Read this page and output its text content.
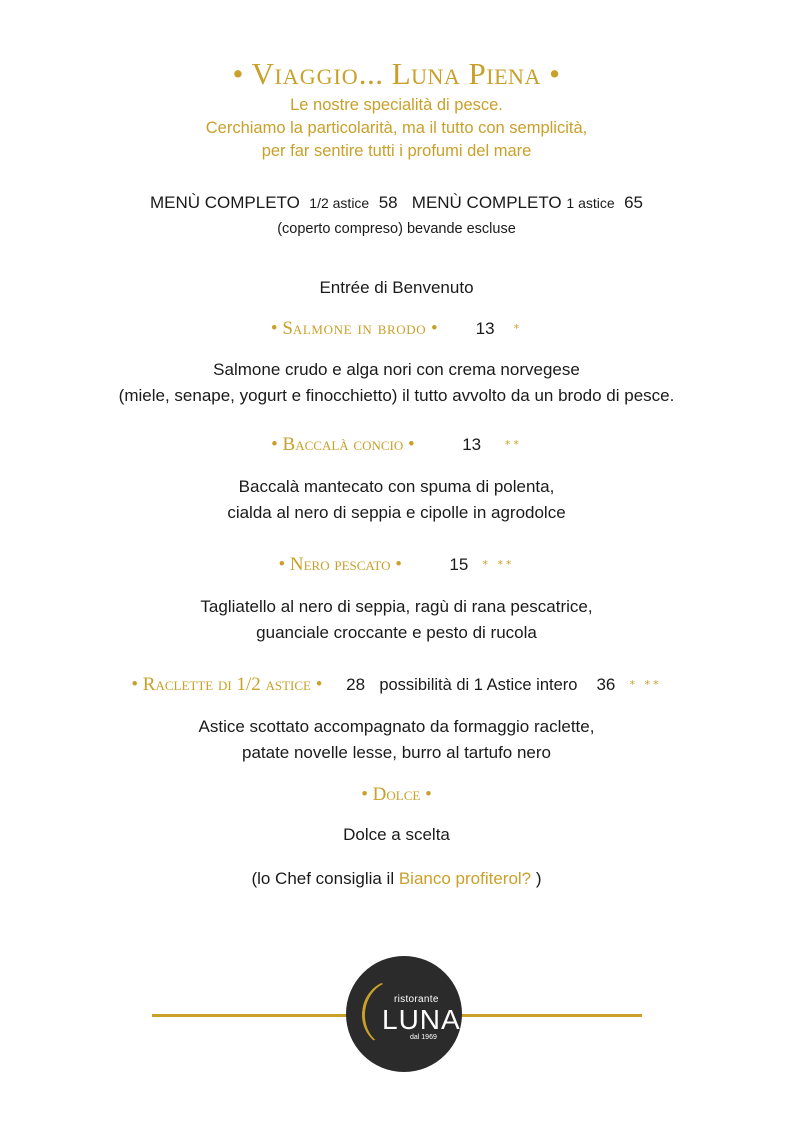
• Viaggio... Luna Piena •
Le nostre specialità di pesce.
Cerchiamo la particolarità, ma il tutto con semplicità,
per far sentire tutti i profumi del mare
MENÙ COMPLETO 1/2 astice 58 MENÙ COMPLETO 1 astice 65
(coperto compreso) bevande escluse
Entrée di Benvenuto
• Salmone in brodo •        13 *
Salmone crudo e alga nori con crema norvegese
(miele, senape, yogurt e finocchietto) il tutto avvolto da un brodo di pesce.
• Baccalà concio •          13 **
Baccalà mantecato con spuma di polenta,
cialda al nero di seppia e cipolle in agrodolce
• Nero pescato •          15 * **
Tagliatello al nero di seppia, ragù di rana pescatrice,
guanciale croccante e pesto di rucola
• Raclette di 1/2 astice •     28 possibilità di 1 Astice intero 36 * **
Astice scottato accompagnato da formaggio raclette,
patate novelle lesse, burro al tartufo nero
• Dolce •
Dolce a scelta
(lo Chef consiglia il Bianco profiterol? )
ristorante
LUNA
dal 1969
